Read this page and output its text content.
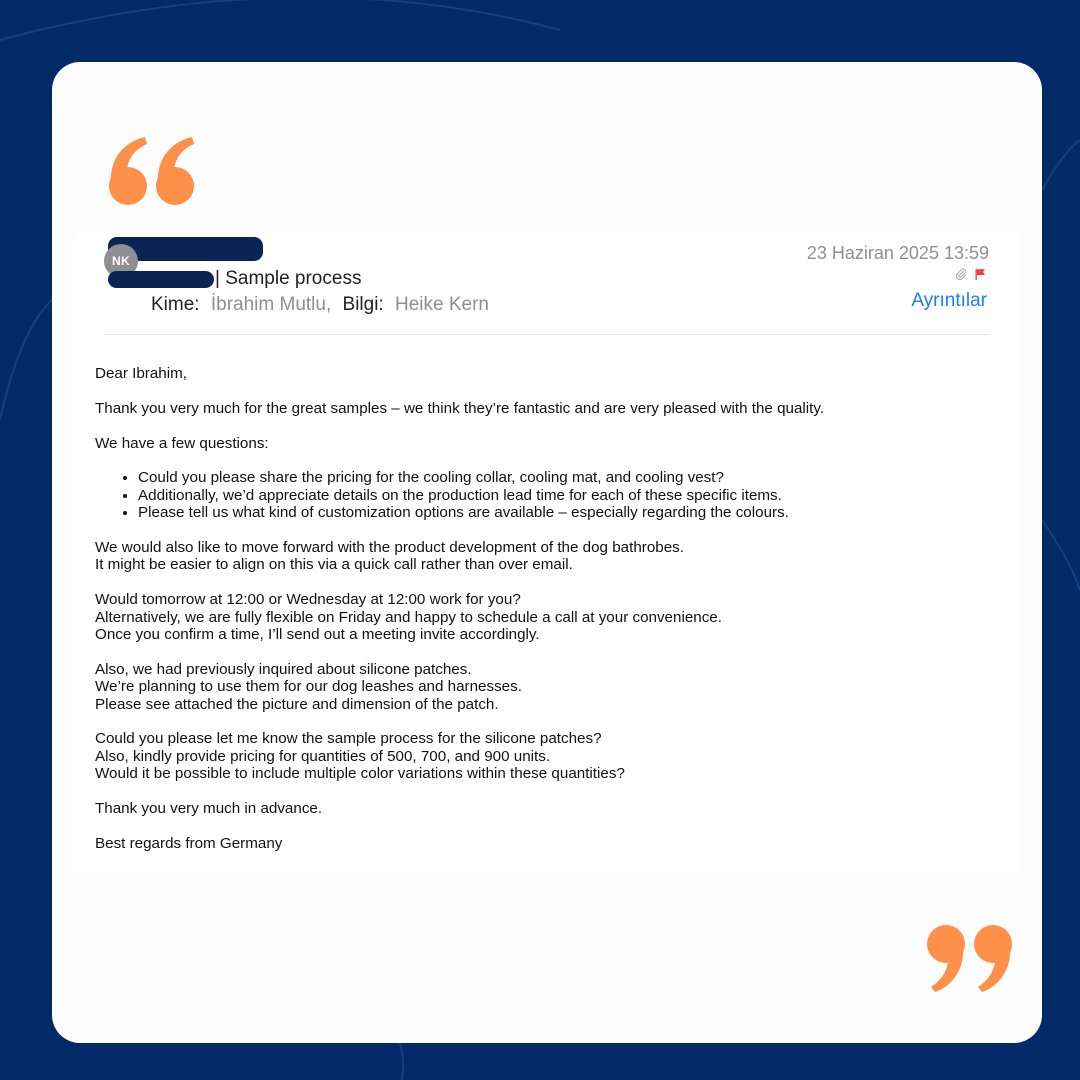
NK
| Sample process
Kime: İbrahim Mutlu, Bilgi: Heike Kern
23 Haziran 2025 13:59
Ayrıntılar

Dear Ibrahim,

Thank you very much for the great samples – we think they’re fantastic and are very pleased with the quality.

We have a few questions:

• Could you please share the pricing for the cooling collar, cooling mat, and cooling vest?
• Additionally, we’d appreciate details on the production lead time for each of these specific items.
• Please tell us what kind of customization options are available – especially regarding the colours.

We would also like to move forward with the product development of the dog bathrobes.
It might be easier to align on this via a quick call rather than over email.

Would tomorrow at 12:00 or Wednesday at 12:00 work for you?
Alternatively, we are fully flexible on Friday and happy to schedule a call at your convenience.
Once you confirm a time, I’ll send out a meeting invite accordingly.

Also, we had previously inquired about silicone patches.
We’re planning to use them for our dog leashes and harnesses.
Please see attached the picture and dimension of the patch.

Could you please let me know the sample process for the silicone patches?
Also, kindly provide pricing for quantities of 500, 700, and 900 units.
Would it be possible to include multiple color variations within these quantities?

Thank you very much in advance.

Best regards from Germany
